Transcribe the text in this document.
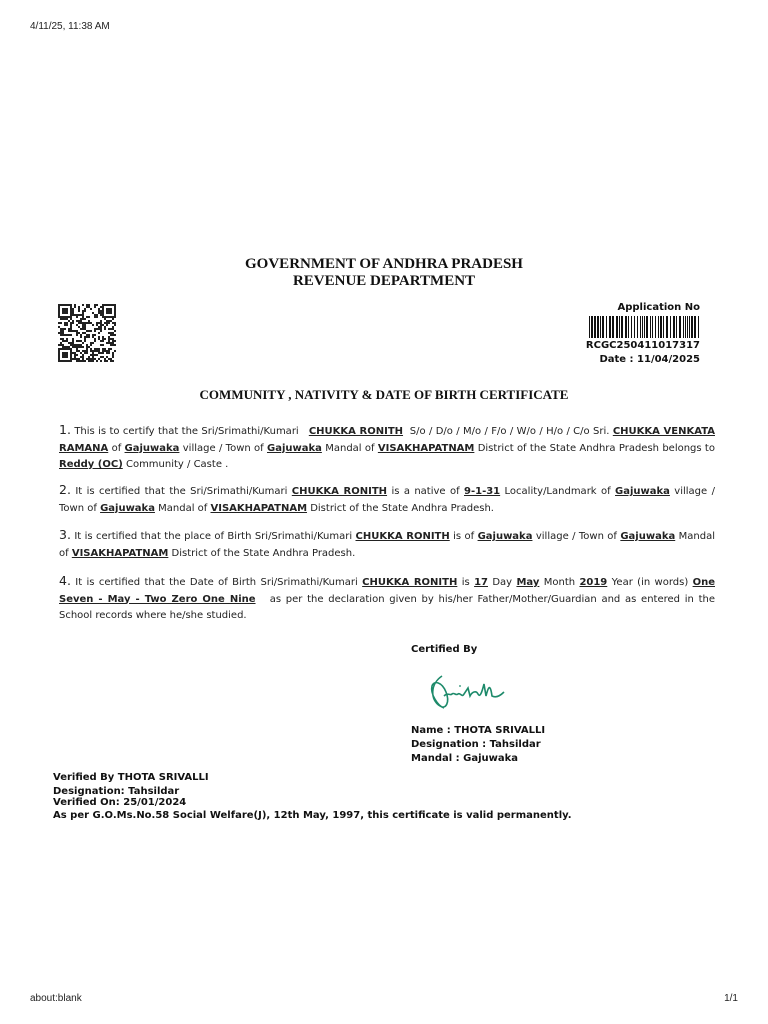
4/11/25, 11:38 AM
about:blank	1/1
GOVERNMENT OF ANDHRA PRADESH
REVENUE DEPARTMENT
Application No
RCGC250411017317
Date : 11/04/2025
COMMUNITY , NATIVITY & DATE OF BIRTH CERTIFICATE
1. This is to certify that the Sri/Srimathi/Kumari CHUKKA RONITH S/o / D/o / M/o / F/o / W/o / H/o / C/o Sri. CHUKKA VENKATA RAMANA of Gajuwaka village / Town of Gajuwaka Mandal of VISAKHAPATNAM District of the State Andhra Pradesh belongs to Reddy (OC) Community / Caste .
2. It is certified that the Sri/Srimathi/Kumari CHUKKA RONITH is a native of 9-1-31 Locality/Landmark of Gajuwaka village / Town of Gajuwaka Mandal of VISAKHAPATNAM District of the State Andhra Pradesh.
3. It is certified that the place of Birth Sri/Srimathi/Kumari CHUKKA RONITH is of Gajuwaka village / Town of Gajuwaka Mandal of VISAKHAPATNAM District of the State Andhra Pradesh.
4. It is certified that the Date of Birth Sri/Srimathi/Kumari CHUKKA RONITH is 17 Day May Month 2019 Year (in words) One Seven - May - Two Zero One Nine as per the declaration given by his/her Father/Mother/Guardian and as entered in the School records where he/she studied.
Certified By
Name : THOTA SRIVALLI
Designation : Tahsildar
Mandal : Gajuwaka
Verified By THOTA SRIVALLI
Designation: Tahsildar
Verified On: 25/01/2024
As per G.O.Ms.No.58 Social Welfare(J), 12th May, 1997, this certificate is valid permanently.
